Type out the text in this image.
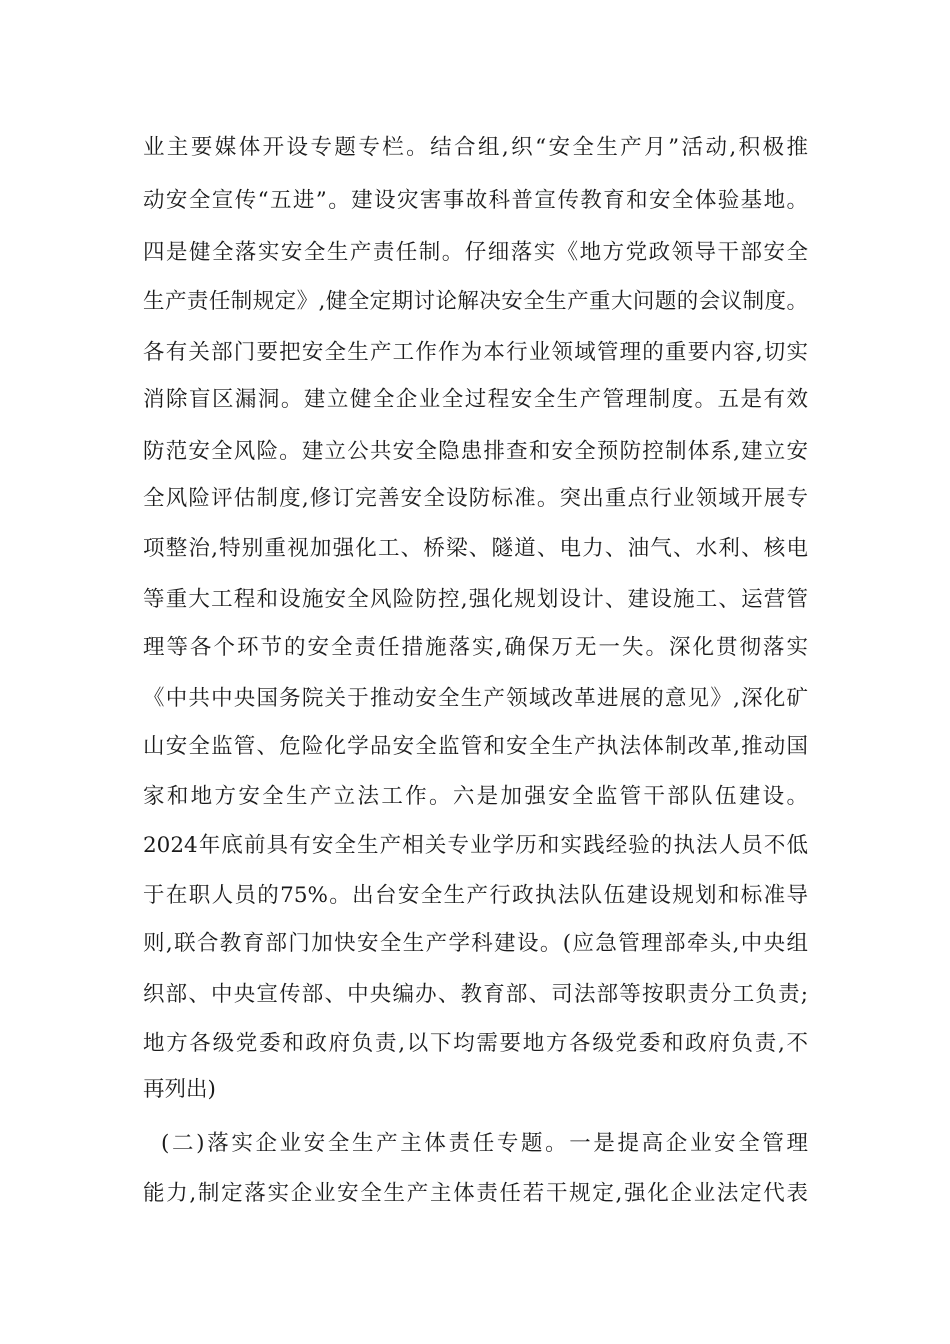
业主要媒体开设专题专栏。结合组,织“安全生产月”活动,积极推
动安全宣传“五进”。建设灾害事故科普宣传教育和安全体验基地。
四是健全落实安全生产责任制。仔细落实《地方党政领导干部安全
生产责任制规定》,健全定期讨论解决安全生产重大问题的会议制度。
各有关部门要把安全生产工作作为本行业领域管理的重要内容,切实
消除盲区漏洞。建立健全企业全过程安全生产管理制度。五是有效
防范安全风险。建立公共安全隐患排查和安全预防控制体系,建立安
全风险评估制度,修订完善安全设防标准。突出重点行业领域开展专
项整治,特别重视加强化工、桥梁、隧道、电力、油气、水利、核电
等重大工程和设施安全风险防控,强化规划设计、建设施工、运营管
理等各个环节的安全责任措施落实,确保万无一失。深化贯彻落实
《中共中央国务院关于推动安全生产领域改革进展的意见》,深化矿
山安全监管、危险化学品安全监管和安全生产执法体制改革,推动国
家和地方安全生产立法工作。六是加强安全监管干部队伍建设。
2024年底前具有安全生产相关专业学历和实践经验的执法人员不低
于在职人员的75%。出台安全生产行政执法队伍建设规划和标准导
则,联合教育部门加快安全生产学科建设。(应急管理部牵头,中央组
织部、中央宣传部、中央编办、教育部、司法部等按职责分工负责;
地方各级党委和政府负责,以下均需要地方各级党委和政府负责,不
再列出)
(二)落实企业安全生产主体责任专题。一是提高企业安全管理
能力,制定落实企业安全生产主体责任若干规定,强化企业法定代表
